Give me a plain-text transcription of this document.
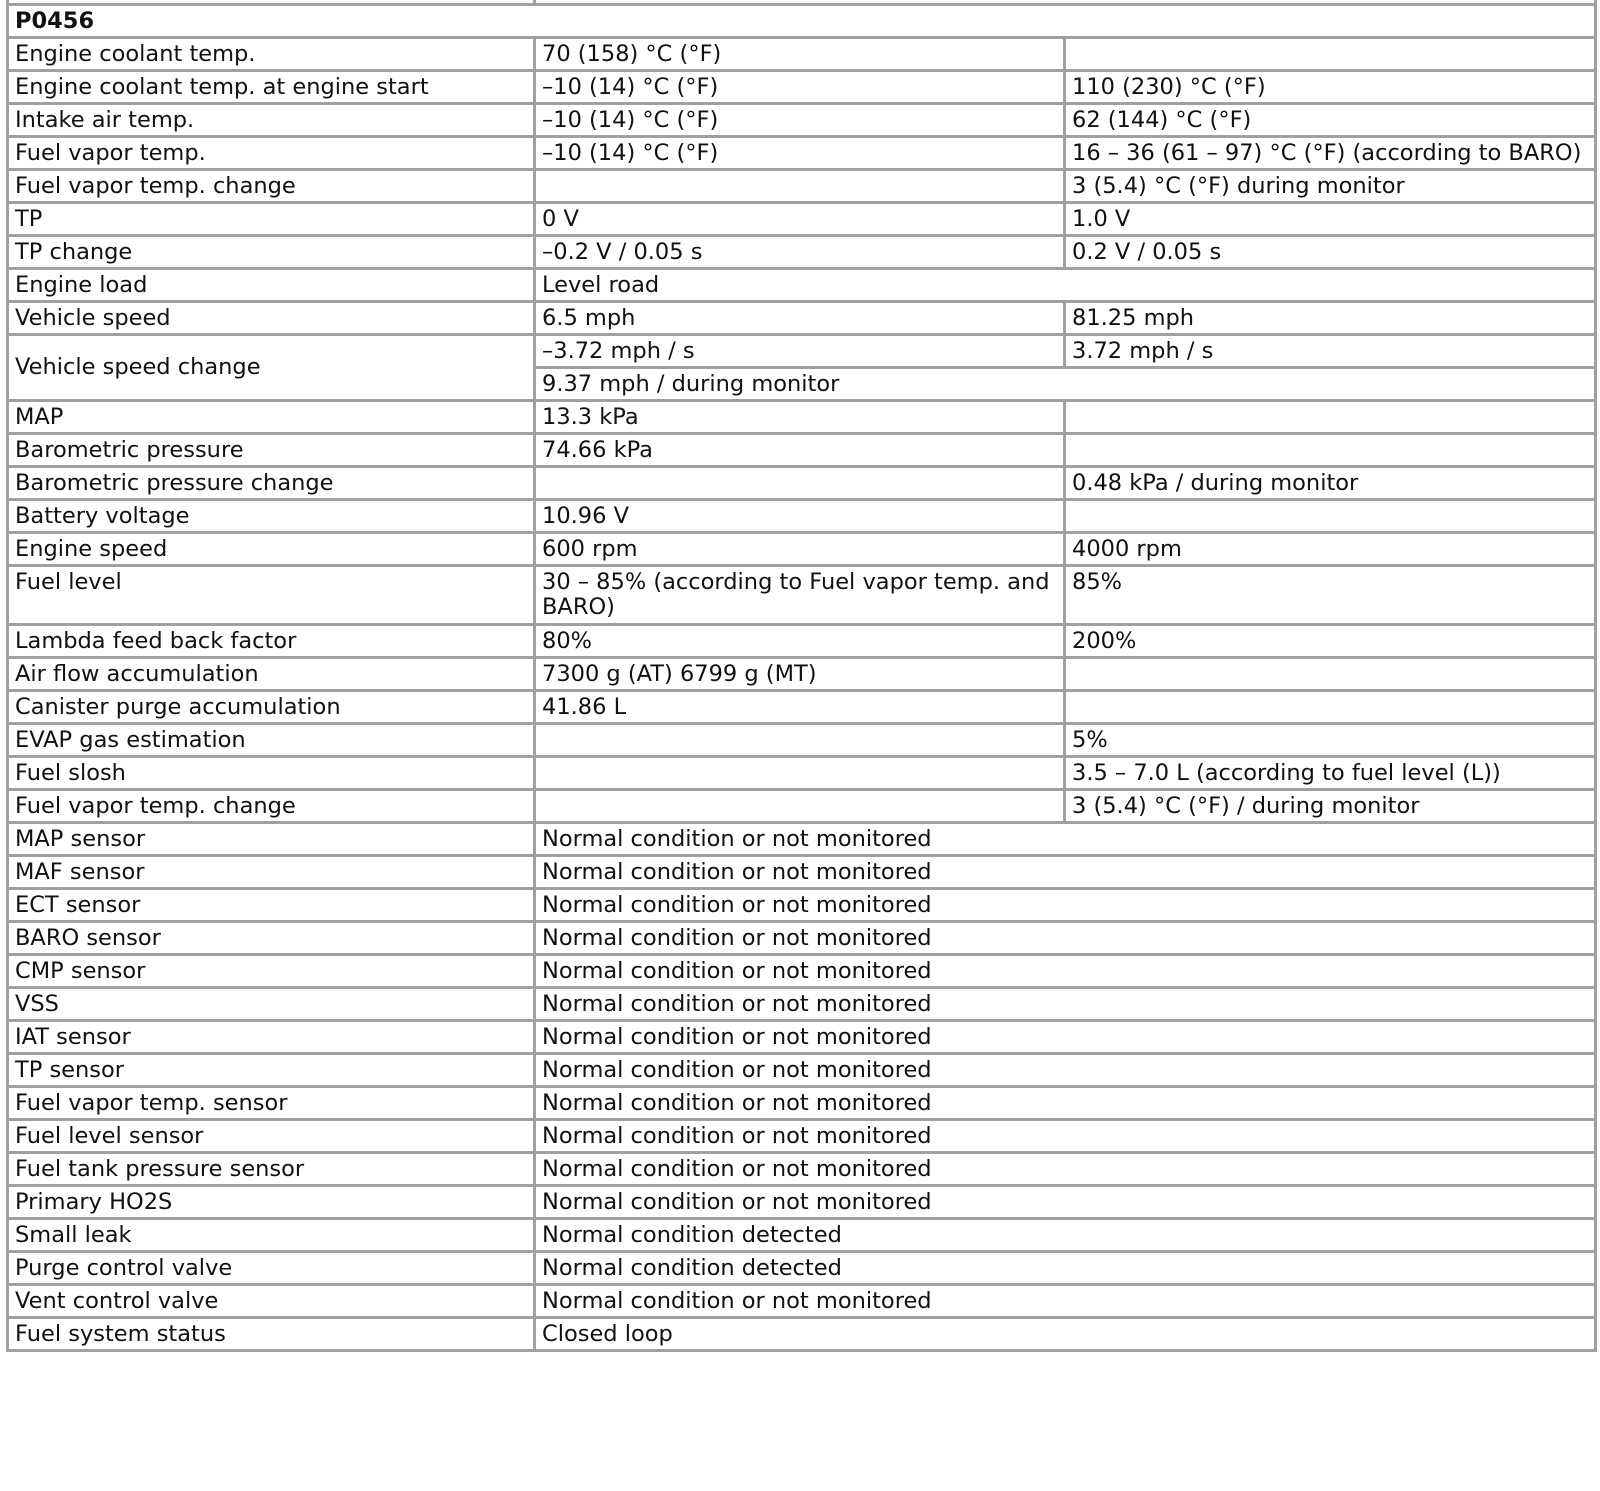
P0456		
Engine coolant temp.	70 (158) °C (°F)	
Engine coolant temp. at engine start	–10 (14) °C (°F)	110 (230) °C (°F)
Intake air temp.	–10 (14) °C (°F)	62 (144) °C (°F)
Fuel vapor temp.	–10 (14) °C (°F)	16 – 36 (61 – 97) °C (°F) (according to BARO)
Fuel vapor temp. change		3 (5.4) °C (°F) during monitor
TP	0 V	1.0 V
TP change	–0.2 V / 0.05 s	0.2 V / 0.05 s
Engine load	Level road	
Vehicle speed	6.5 mph	81.25 mph
Vehicle speed change	–3.72 mph / s	3.72 mph / s
	9.37 mph / during monitor	
MAP	13.3 kPa	
Barometric pressure	74.66 kPa	
Barometric pressure change		0.48 kPa / during monitor
Battery voltage	10.96 V	
Engine speed	600 rpm	4000 rpm
Fuel level	30 – 85% (according to Fuel vapor temp. and BARO)	85%
Lambda feed back factor	80%	200%
Air flow accumulation	7300 g (AT) 6799 g (MT)	
Canister purge accumulation	41.86 L	
EVAP gas estimation		5%
Fuel slosh		3.5 – 7.0 L (according to fuel level (L))
Fuel vapor temp. change		3 (5.4) °C (°F) / during monitor
MAP sensor	Normal condition or not monitored	
MAF sensor	Normal condition or not monitored	
ECT sensor	Normal condition or not monitored	
BARO sensor	Normal condition or not monitored	
CMP sensor	Normal condition or not monitored	
VSS	Normal condition or not monitored	
IAT sensor	Normal condition or not monitored	
TP sensor	Normal condition or not monitored	
Fuel vapor temp. sensor	Normal condition or not monitored	
Fuel level sensor	Normal condition or not monitored	
Fuel tank pressure sensor	Normal condition or not monitored	
Primary HO2S	Normal condition or not monitored	
Small leak	Normal condition detected	
Purge control valve	Normal condition detected	
Vent control valve	Normal condition or not monitored	
Fuel system status	Closed loop	
